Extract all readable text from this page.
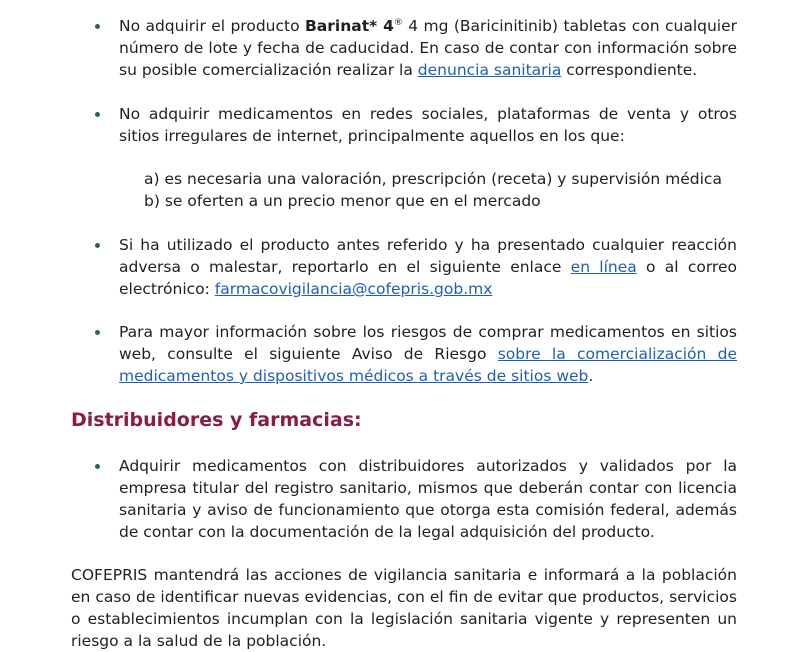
No adquirir el producto Barinat* 4® 4 mg (Baricinitinib) tabletas con cualquier número de lote y fecha de caducidad. En caso de contar con información sobre su posible comercialización realizar la denuncia sanitaria correspondiente.

No adquirir medicamentos en redes sociales, plataformas de venta y otros sitios irregulares de internet, principalmente aquellos en los que:

a) es necesaria una valoración, prescripción (receta) y supervisión médica

b) se oferten a un precio menor que en el mercado

Si ha utilizado el producto antes referido y ha presentado cualquier reacción adversa o malestar, reportarlo en el siguiente enlace en línea o al correo electrónico: farmacovigilancia@cofepris.gob.mx

Para mayor información sobre los riesgos de comprar medicamentos en sitios web, consulte el siguiente Aviso de Riesgo sobre la comercialización de medicamentos y dispositivos médicos a través de sitios web.

Distribuidores y farmacias:

Adquirir medicamentos con distribuidores autorizados y validados por la empresa titular del registro sanitario, mismos que deberán contar con licencia sanitaria y aviso de funcionamiento que otorga esta comisión federal, además de contar con la documentación de la legal adquisición del producto.

COFEPRIS mantendrá las acciones de vigilancia sanitaria e informará a la población en caso de identificar nuevas evidencias, con el fin de evitar que productos, servicios o establecimientos incumplan con la legislación sanitaria vigente y representen un riesgo a la salud de la población.
